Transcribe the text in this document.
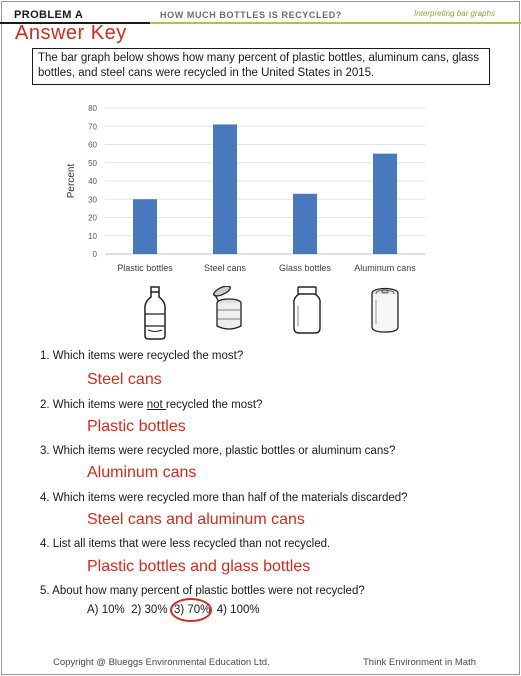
PROBLEM A	HOW MUCH BOTTLES IS RECYCLED?	Interpreting bar graphs
Answer Key
The bar graph below shows how many percent of plastic bottles, aluminum cans, glass bottles, and steel cans were recycled in the United States in 2015.
0
10
20
30
40
50
60
70
80
Plastic bottles	Steel cans	Glass bottles	Aluminum cans
Percent
1. Which items were recycled the most?
Steel cans
2. Which items were not recycled the most?
Plastic bottles
3. Which items were recycled more, plastic bottles or aluminum cans?
Aluminum cans
4. Which items were recycled more than half of the materials discarded?
Steel cans and aluminum cans
4. List all items that were less recycled than not recycled.
Plastic bottles and glass bottles
5. About how many percent of plastic bottles were not recycled?
A) 10% 2) 30% 3) 70% 4) 100%
Copyright @ Blueggs Environmental Education Ltd.	Think Environment in Math
